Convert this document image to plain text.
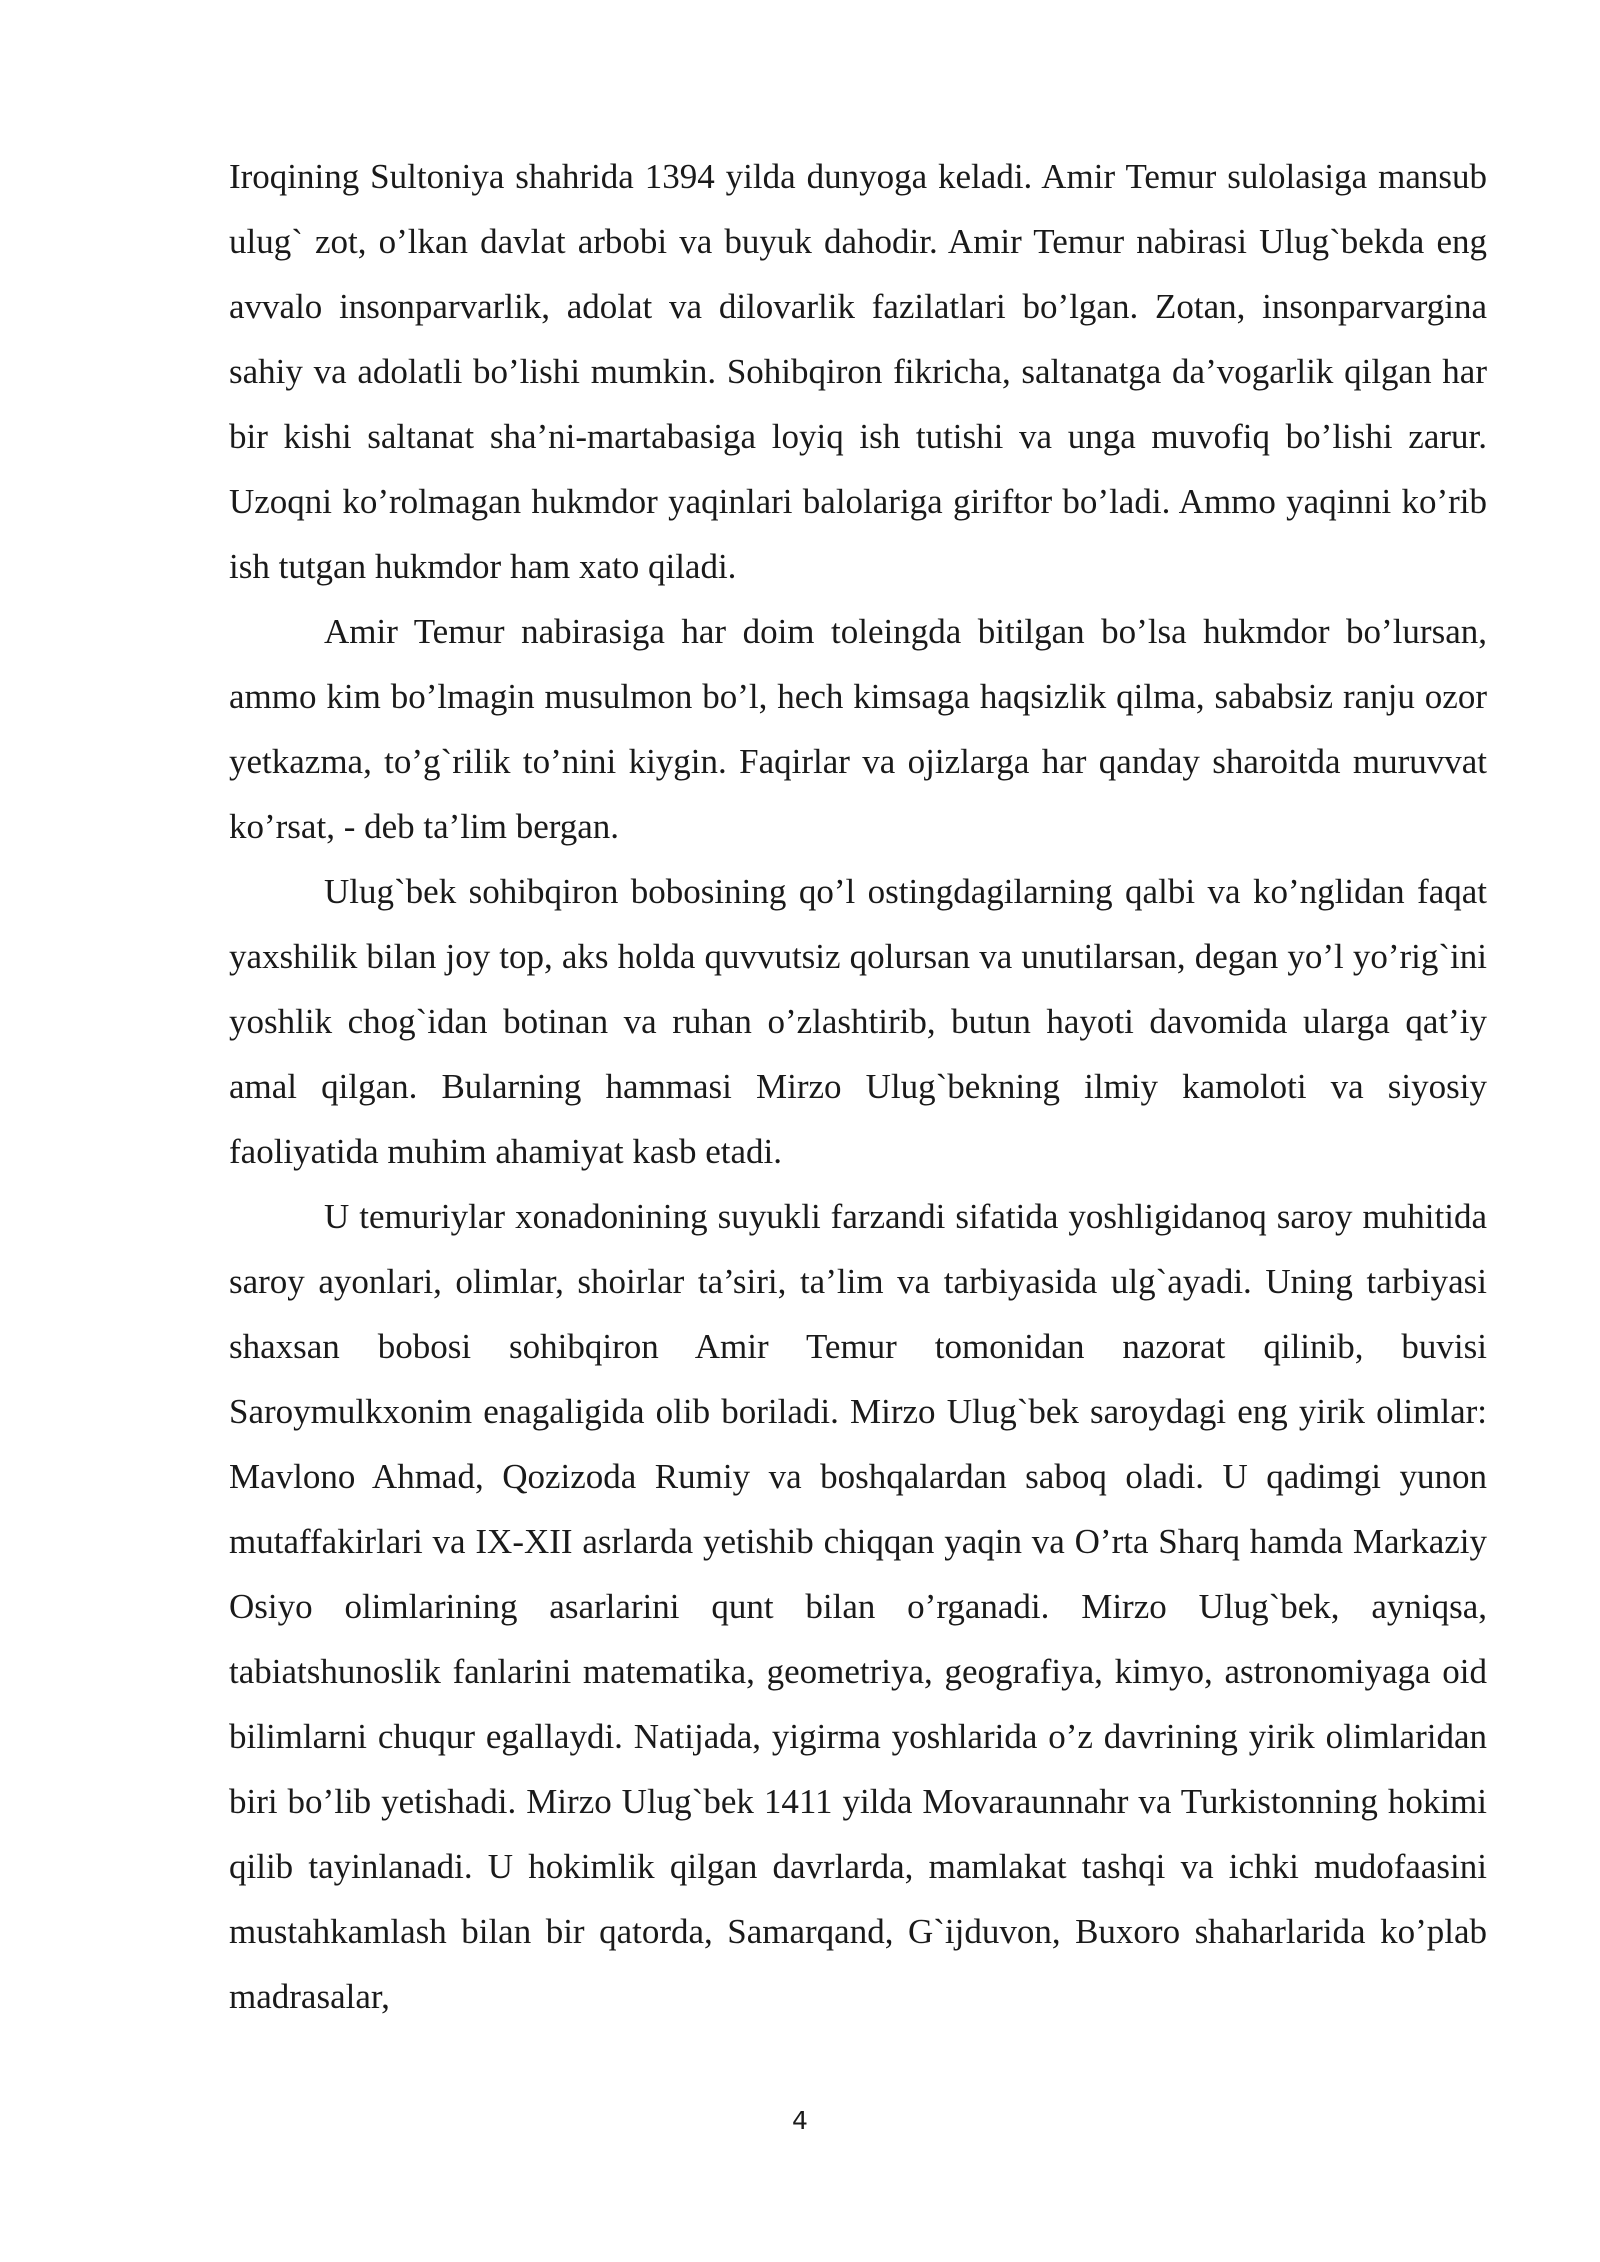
Iroqining Sultoniya shahrida 1394 yilda dunyoga keladi. Amir Temur sulolasiga mansub ulug` zot, o’lkan davlat arbobi va buyuk dahodir. Amir Temur nabirasi Ulug`bekda eng avvalo insonparvarlik, adolat va dilovarlik fazilatlari bo’lgan. Zotan, insonparvargina sahiy va adolatli bo’lishi mumkin. Sohibqiron fikricha, saltanatga da’vogarlik qilgan har bir kishi saltanat sha’ni-martabasiga loyiq ish tutishi va unga muvofiq bo’lishi zarur. Uzoqni ko’rolmagan hukmdor yaqinlari balolariga giriftor bo’ladi. Ammo yaqinni ko’rib ish tutgan hukmdor ham xato qiladi.

Amir Temur nabirasiga har doim toleingda bitilgan bo’lsa hukmdor bo’lursan, ammo kim bo’lmagin musulmon bo’l, hech kimsaga haqsizlik qilma, sababsiz ranju ozor yetkazma, to’g`rilik to’nini kiygin. Faqirlar va ojizlarga har qanday sharoitda muruvvat ko’rsat, - deb ta’lim bergan.

Ulug`bek sohibqiron bobosining qo’l ostingdagilarning qalbi va ko’nglidan faqat yaxshilik bilan joy top, aks holda quvvutsiz qolursan va unutilarsan, degan yo’l yo’rig`ini yoshlik chog`idan botinan va ruhan o’zlashtirib, butun hayoti davomida ularga qat’iy amal qilgan. Bularning hammasi Mirzo Ulug`bekning ilmiy kamoloti va siyosiy faoliyatida muhim ahamiyat kasb etadi.

U temuriylar xonadonining suyukli farzandi sifatida yoshligidanoq saroy muhitida saroy ayonlari, olimlar, shoirlar ta’siri, ta’lim va tarbiyasida ulg`ayadi. Uning tarbiyasi shaxsan bobosi sohibqiron Amir Temur tomonidan nazorat qilinib, buvisi Saroymulkxonim enagaligida olib boriladi. Mirzo Ulug`bek saroydagi eng yirik olimlar: Mavlono Ahmad, Qozizoda Rumiy va boshqalardan saboq oladi. U qadimgi yunon mutaffakirlari va IX-XII asrlarda yetishib chiqqan yaqin va O’rta Sharq hamda Markaziy Osiyo olimlarining asarlarini qunt bilan o’rganadi. Mirzo Ulug`bek, ayniqsa, tabiatshunoslik fanlarini matematika, geometriya, geografiya, kimyo, astronomiyaga oid bilimlarni chuqur egallaydi. Natijada, yigirma yoshlarida o’z davrining yirik olimlaridan biri bo’lib yetishadi. Mirzo Ulug`bek 1411 yilda Movaraunnahr va Turkistonning hokimi qilib tayinlanadi. U hokimlik qilgan davrlarda, mamlakat tashqi va ichki mudofaasini mustahkamlash bilan bir qatorda, Samarqand, G`ijduvon, Buxoro shaharlarida ko’plab madrasalar,

4
